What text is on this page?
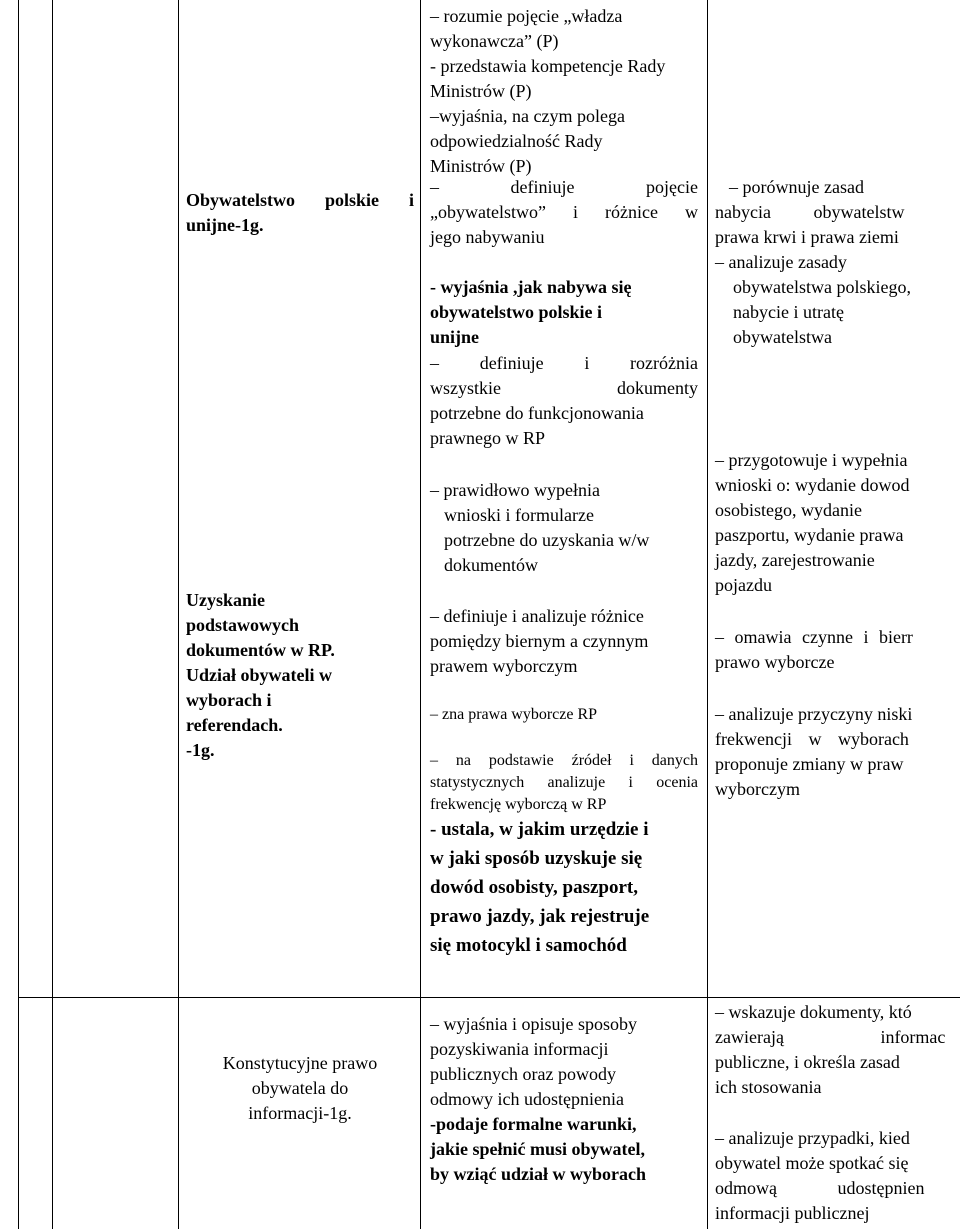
Obywatelstwo polskie i
unijne-1g.
Uzyskanie
podstawowych
dokumentów w RP.
Udział obywateli w
wyborach i
referendach.
-1g.
– rozumie pojęcie „władza
wykonawcza” (P)
- przedstawia kompetencje Rady
Ministrów (P)
–wyjaśnia, na czym polega
odpowiedzialność Rady
Ministrów (P)
– definiuje pojęcie
„obywatelstwo” i różnice w
jego nabywaniu
- wyjaśnia ,jak nabywa się
obywatelstwo polskie i
unijne
– definiuje i rozróżnia
wszystkie dokumenty
potrzebne do funkcjonowania
prawnego w RP
– prawidłowo wypełnia
wnioski i formularze
potrzebne do uzyskania w/w
dokumentów
– definiuje i analizuje różnice
pomiędzy biernym a czynnym
prawem wyborczym
– zna prawa wyborcze RP
– na podstawie źródeł i danych
statystycznych analizuje i ocenia
frekwencję wyborczą w RP
- ustala, w jakim urzędzie i
w jaki sposób uzyskuje się
dowód osobisty, paszport,
prawo jazdy, jak rejestruje
się motocykl i samochód
– porównuje zasad
nabycia obywatelstw
prawa krwi i prawa ziemi
– analizuje zasady
obywatelstwa polskiego,
nabycie i utratę
obywatelstwa
– przygotowuje i wypełnia
wnioski o: wydanie dowod
osobistego, wydanie
paszportu, wydanie prawa
jazdy, zarejestrowanie
pojazdu
– omawia czynne i bierr
prawo wyborcze
– analizuje przyczyny niski
frekwencji w wyborach
proponuje zmiany w praw
wyborczym
Konstytucyjne prawo
obywatela do
informacji-1g.
– wyjaśnia i opisuje sposoby
pozyskiwania informacji
publicznych oraz powody
odmowy ich udostępnienia
-podaje formalne warunki,
jakie spełnić musi obywatel,
by wziąć udział w wyborach
– wskazuje dokumenty, któ
zawierają informac
publiczne, i określa zasad
ich stosowania
– analizuje przypadki, kied
obywatel może spotkać się
odmową udostępnien
informacji publicznej
